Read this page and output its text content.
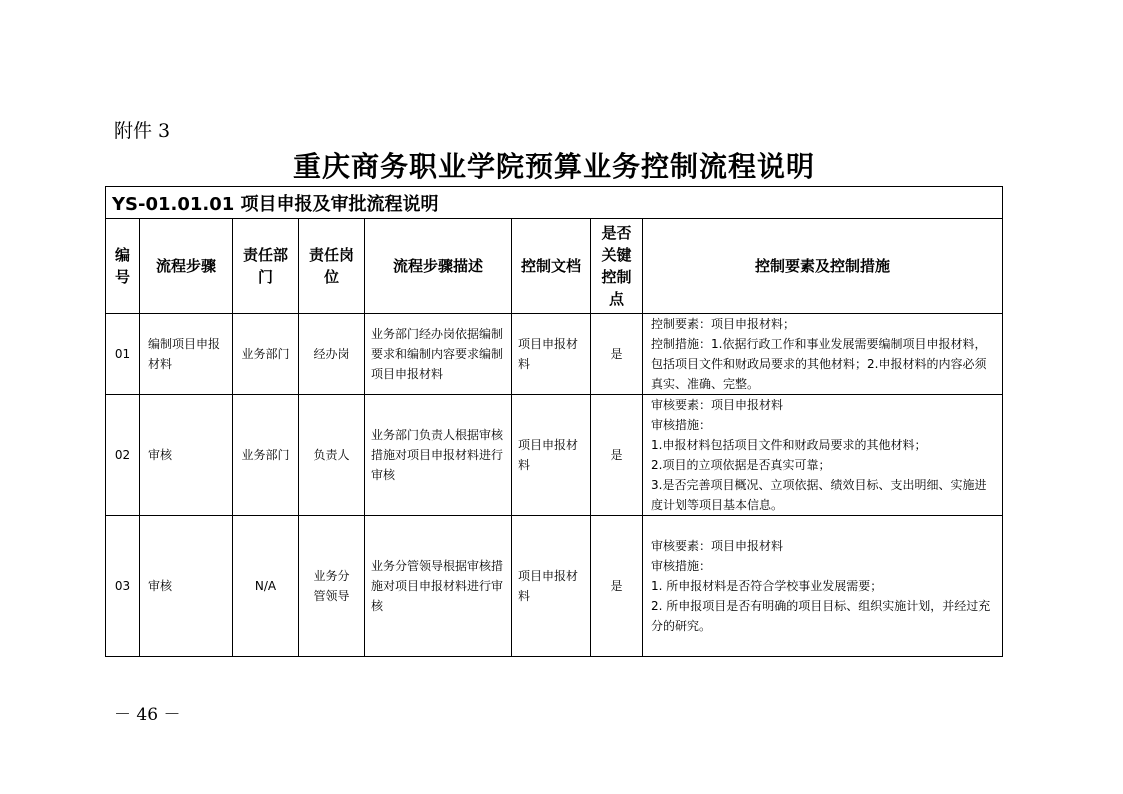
附件 3
重庆商务职业学院预算业务控制流程说明
YS-01.01.01 项目申报及审批流程说明							
编号	流程步骤	责任部门	责任岗位	流程步骤描述	控制文档	是否关键控制点	控制要素及控制措施
01	编制项目申报材料	业务部门	经办岗	业务部门经办岗依据编制要求和编制内容要求编制项目申报材料	项目申报材料	是	控制要素：项目申报材料；
控制措施：1.依据行政工作和事业发展需要编制项目申报材料，包括项目文件和财政局要求的其他材料；2.申报材料的内容必须真实、准确、完整。

02	审核	业务部门	负责人	业务部门负责人根据审核措施对项目申报材料进行审核	项目申报材料	是	审核要素：项目申报材料
审核措施：
1.申报材料包括项目文件和财政局要求的其他材料；
2.项目的立项依据是否真实可靠；
3.是否完善项目概况、立项依据、绩效目标、支出明细、实施进度计划等项目基本信息。

03	审核	N/A	业务分管领导	业务分管领导根据审核措施对项目申报材料进行审核	项目申报材料	是	审核要素：项目申报材料
审核措施：
1. 所申报材料是否符合学校事业发展需要；
2. 所申报项目是否有明确的项目目标、组织实施计划，并经过充分的研究。
－ 46 －
